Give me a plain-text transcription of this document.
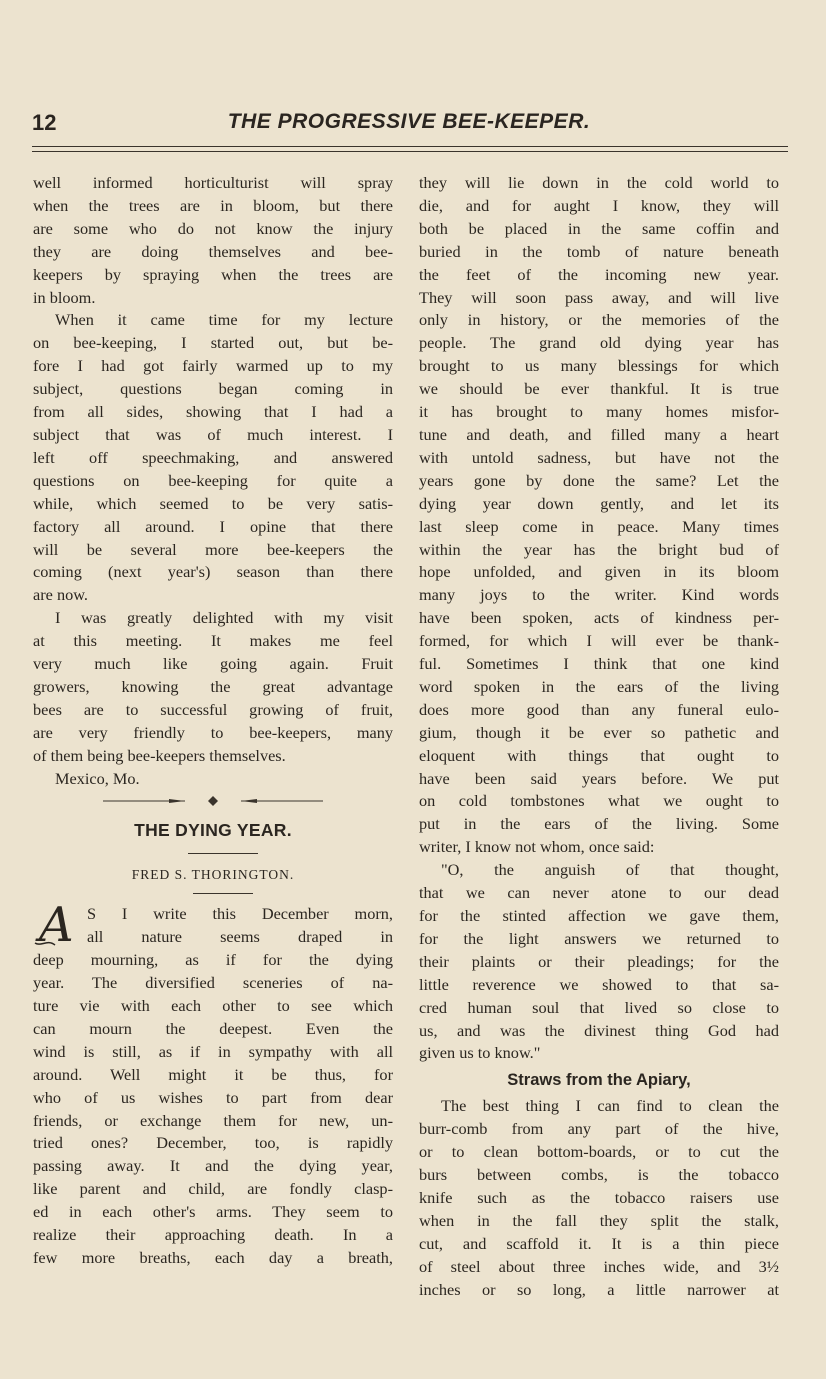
12	THE PROGRESSIVE BEE-KEEPER.
well informed horticulturist will spray
when the trees are in bloom, but there
are some who do not know the injury
they are doing themselves and bee-
keepers by spraying when the trees are
in bloom.
When it came time for my lecture
on bee-keeping, I started out, but be-
fore I had got fairly warmed up to my
subject, questions began coming in
from all sides, showing that I had a
subject that was of much interest. I
left off speechmaking, and answered
questions on bee-keeping for quite a
while, which seemed to be very satis-
factory all around. I opine that there
will be several more bee-keepers the
coming (next year's) season than there
are now.
I was greatly delighted with my visit
at this meeting. It makes me feel
very much like going again. Fruit
growers, knowing the great advantage
bees are to successful growing of fruit,
are very friendly to bee-keepers, many
of them being bee-keepers themselves.
Mexico, Mo.
THE DYING YEAR.
FRED S. THORINGTON.
A S I write this December morn,
all nature seems draped in
deep mourning, as if for the dying
year. The diversified sceneries of na-
ture vie with each other to see which
can mourn the deepest. Even the
wind is still, as if in sympathy with all
around. Well might it be thus, for
who of us wishes to part from dear
friends, or exchange them for new, un-
tried ones? December, too, is rapidly
passing away. It and the dying year,
like parent and child, are fondly clasp-
ed in each other's arms. They seem to
realize their approaching death. In a
few more breaths, each day a breath,
they will lie down in the cold world to
die, and for aught I know, they will
both be placed in the same coffin and
buried in the tomb of nature beneath
the feet of the incoming new year.
They will soon pass away, and will live
only in history, or the memories of the
people. The grand old dying year has
brought to us many blessings for which
we should be ever thankful. It is true
it has brought to many homes misfor-
tune and death, and filled many a heart
with untold sadness, but have not the
years gone by done the same? Let the
dying year down gently, and let its
last sleep come in peace. Many times
within the year has the bright bud of
hope unfolded, and given in its bloom
many joys to the writer. Kind words
have been spoken, acts of kindness per-
formed, for which I will ever be thank-
ful. Sometimes I think that one kind
word spoken in the ears of the living
does more good than any funeral eulo-
gium, though it be ever so pathetic and
eloquent with things that ought to
have been said years before. We put
on cold tombstones what we ought to
put in the ears of the living. Some
writer, I know not whom, once said:
"O, the anguish of that thought,
that we can never atone to our dead
for the stinted affection we gave them,
for the light answers we returned to
their plaints or their pleadings; for the
little reverence we showed to that sa-
cred human soul that lived so close to
us, and was the divinest thing God had
given us to know."
Straws from the Apiary,
The best thing I can find to clean the
burr-comb from any part of the hive,
or to clean bottom-boards, or to cut the
burs between combs, is the tobacco
knife such as the tobacco raisers use
when in the fall they split the stalk,
cut, and scaffold it. It is a thin piece
of steel about three inches wide, and 3½
inches or so long, a little narrower at
